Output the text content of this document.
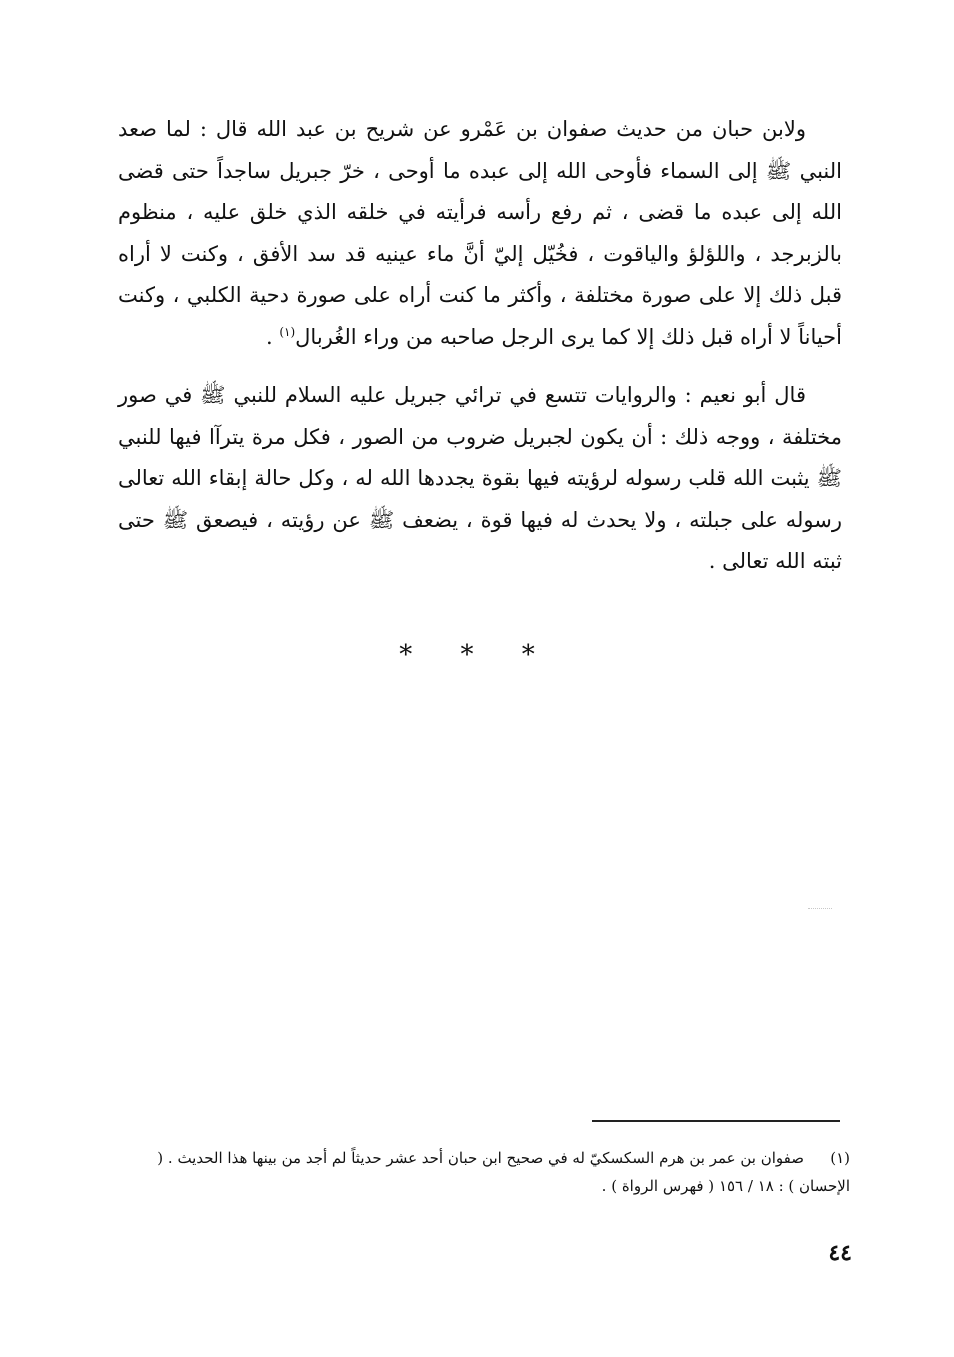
ولابن حبان من حديث صفوان بن عَمْرو عن شريح بن عبد الله قال : لما صعد النبي ﷺ إلى السماء فأوحى الله إلى عبده ما أوحى ، خرّ جبريل ساجداً حتى قضى الله إلى عبده ما قضى ، ثم رفع رأسه فرأيته في خلقه الذي خلق عليه ، منظوم بالزبرجد ، واللؤلؤ والياقوت ، فخُيّل إليّ أنَّ ماء عينيه قد سد الأفق ، وكنت لا أراه قبل ذلك إلا على صورة مختلفة ، وأكثر ما كنت أراه على صورة دحية الكلبي ، وكنت أحياناً لا أراه قبل ذلك إلا كما يرى الرجل صاحبه من وراء الغُربال$^{(١)}$ .

قال أبو نعيم : والروايات تتسع في ترائي جبريل عليه السلام للنبي ﷺ في صور مختلفة ، ووجه ذلك : أن يكون لجبريل ضروب من الصور ، فكل مرة يترآا فيها للنبي ﷺ يثبت الله قلب رسوله لرؤيته فيها بقوة يجددها الله له ، وكل حالة إبقاء الله تعالى رسوله على جبلته ، ولا يحدث له فيها قوة ، يضعف ﷺ عن رؤيته ، فيصعق ﷺ حتى ثبته الله تعالى .

* * *

(١)صفوان بن عمر بن هرم السكسكيّ له في صحيح ابن حبان أحد عشر حديثاً لم أجد من بينها هذا الحديث . ( الإحسان ) : ١٨ / ١٥٦ ( فهرس الرواة ) .

٤٤
